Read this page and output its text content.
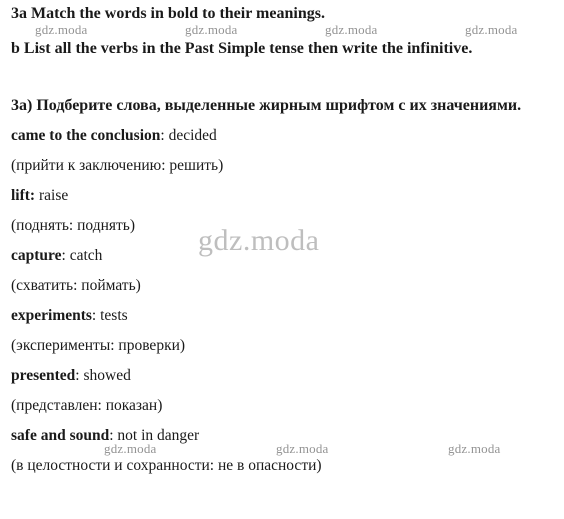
3a Match the words in bold to their meanings.
b List all the verbs in the Past Simple tense then write the infinitive.
3a) Подберите слова, выделенные жирным шрифтом с их значениями.
came to the conclusion: decided
(прийти к заключению: решить)
lift: raise
(поднять: поднять)
capture: catch
(схватить: поймать)
experiments: tests
(эксперименты: проверки)
presented: showed
(представлен: показан)
safe and sound: not in danger
(в целостности и сохранности: не в опасности)
gdz.moda	gdz.moda	gdz.moda	gdz.moda
gdz.moda
gdz.moda	gdz.moda	gdz.moda
